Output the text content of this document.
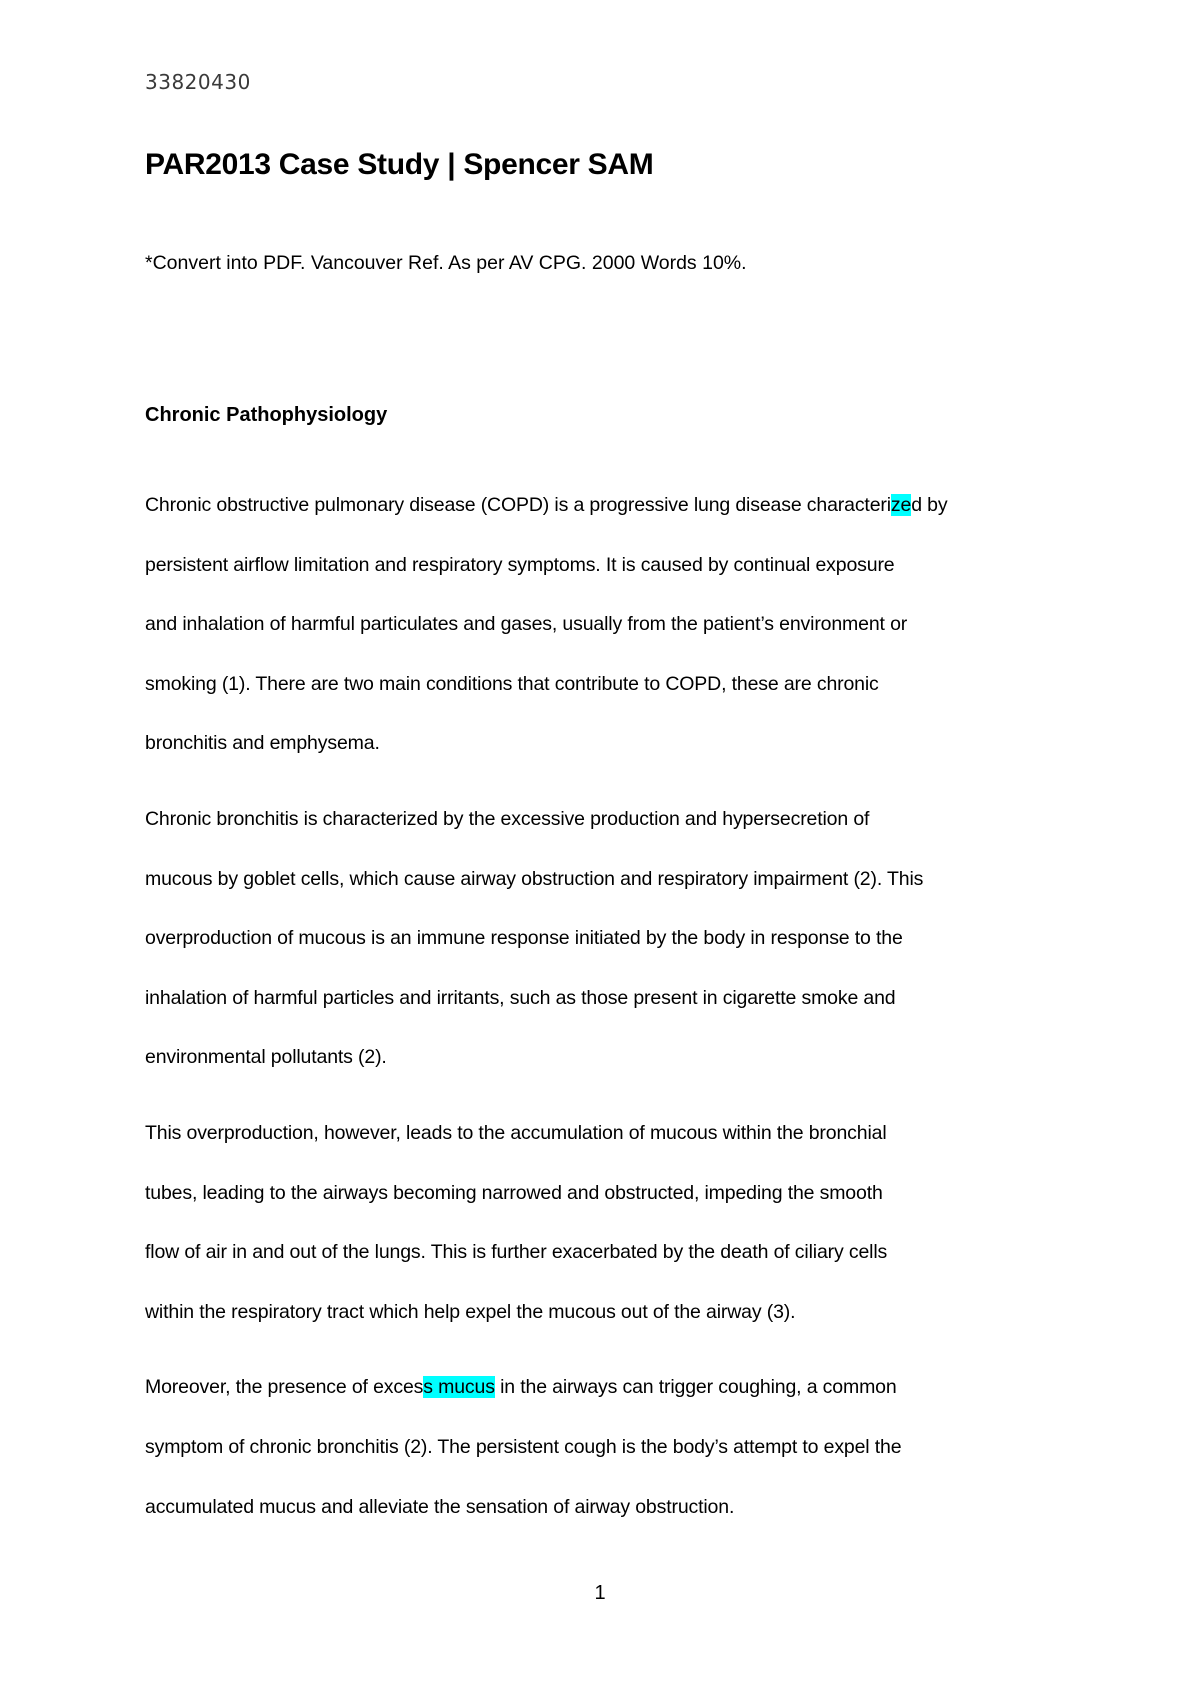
33820430
PAR2013 Case Study | Spencer SAM

*Convert into PDF. Vancouver Ref. As per AV CPG. 2000 Words 10%.

Chronic Pathophysiology

Chronic obstructive pulmonary disease (COPD) is a progressive lung disease characterized by
persistent airflow limitation and respiratory symptoms. It is caused by continual exposure
and inhalation of harmful particulates and gases, usually from the patient’s environment or
smoking (1). There are two main conditions that contribute to COPD, these are chronic
bronchitis and emphysema.

Chronic bronchitis is characterized by the excessive production and hypersecretion of
mucous by goblet cells, which cause airway obstruction and respiratory impairment (2). This
overproduction of mucous is an immune response initiated by the body in response to the
inhalation of harmful particles and irritants, such as those present in cigarette smoke and
environmental pollutants (2).

This overproduction, however, leads to the accumulation of mucous within the bronchial
tubes, leading to the airways becoming narrowed and obstructed, impeding the smooth
flow of air in and out of the lungs. This is further exacerbated by the death of ciliary cells
within the respiratory tract which help expel the mucous out of the airway (3).

Moreover, the presence of excess mucus in the airways can trigger coughing, a common
symptom of chronic bronchitis (2). The persistent cough is the body’s attempt to expel the
accumulated mucus and alleviate the sensation of airway obstruction.

1
